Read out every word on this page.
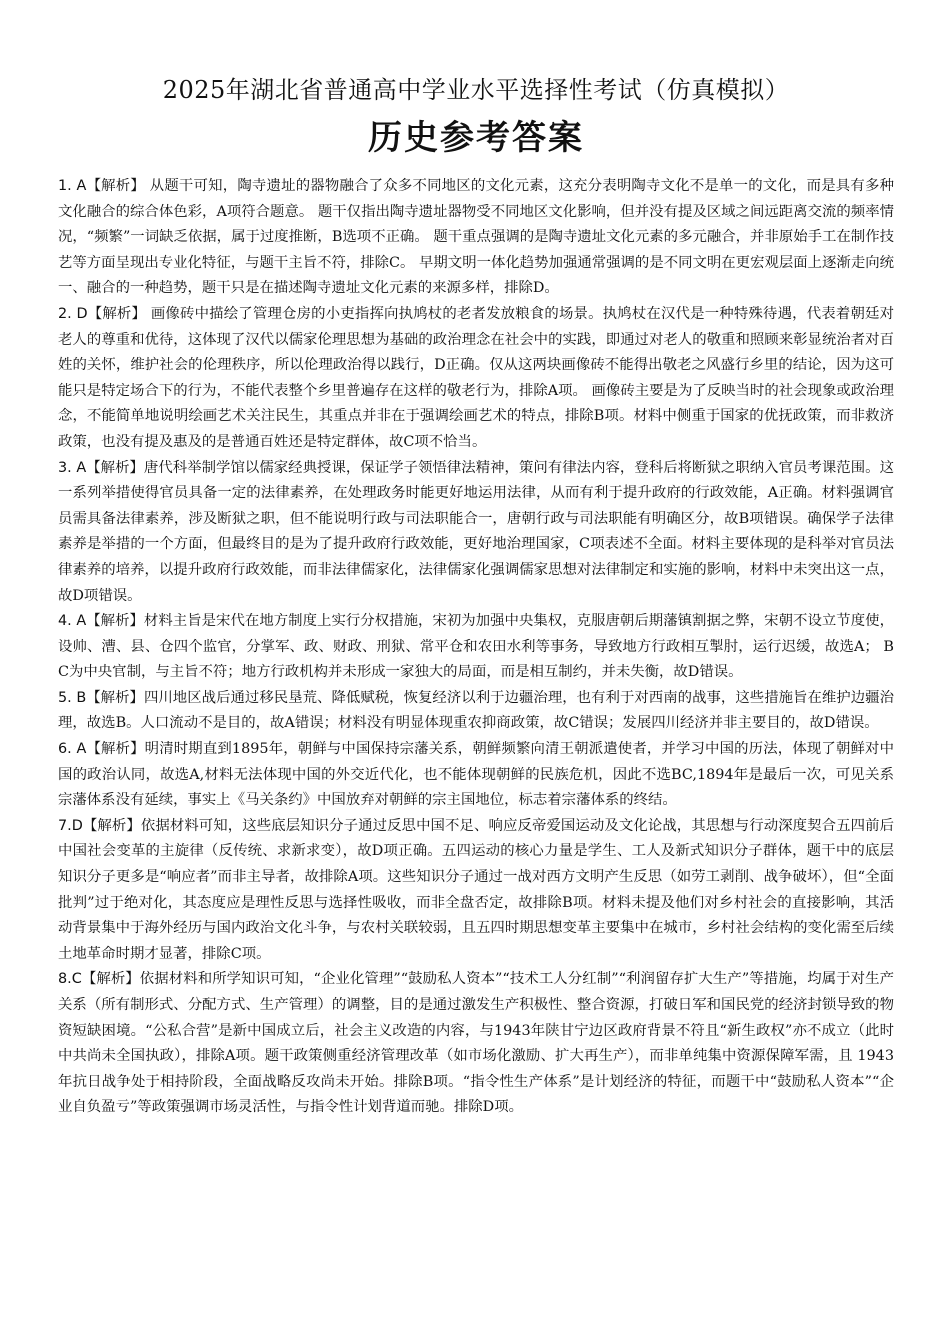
2025年湖北省普通高中学业水平选择性考试（仿真模拟）
历史参考答案

1. A【解析】 从题干可知，陶寺遗址的器物融合了众多不同地区的文化元素，这充分表明陶寺文化不是单一的文化，而是具有多种文化融合的综合体色彩，A项符合题意。 题干仅指出陶寺遗址器物受不同地区文化影响，但并没有提及区域之间远距离交流的频率情况，“频繁”一词缺乏依据，属于过度推断，B选项不正确。 题干重点强调的是陶寺遗址文化元素的多元融合，并非原始手工在制作技艺等方面呈现出专业化特征，与题干主旨不符，排除C。 早期文明一体化趋势加强通常强调的是不同文明在更宏观层面上逐渐走向统一、融合的一种趋势，题干只是在描述陶寺遗址文化元素的来源多样，排除D。

2. D【解析】 画像砖中描绘了管理仓房的小吏指挥向执鸠杖的老者发放粮食的场景。执鸠杖在汉代是一种特殊待遇，代表着朝廷对老人的尊重和优待，这体现了汉代以儒家伦理思想为基础的政治理念在社会中的实践，即通过对老人的敬重和照顾来彰显统治者对百姓的关怀，维护社会的伦理秩序，所以伦理政治得以践行，D正确。仅从这两块画像砖不能得出敬老之风盛行乡里的结论，因为这可能只是特定场合下的行为，不能代表整个乡里普遍存在这样的敬老行为，排除A项。 画像砖主要是为了反映当时的社会现象或政治理念，不能简单地说明绘画艺术关注民生，其重点并非在于强调绘画艺术的特点，排除B项。材料中侧重于国家的优抚政策，而非救济政策，也没有提及惠及的是普通百姓还是特定群体，故C项不恰当。

3. A【解析】唐代科举制学馆以儒家经典授课，保证学子领悟律法精神，策问有律法内容，登科后将断狱之职纳入官员考课范围。这一系列举措使得官员具备一定的法律素养，在处理政务时能更好地运用法律，从而有利于提升政府的行政效能，A正确。材料强调官员需具备法律素养，涉及断狱之职，但不能说明行政与司法职能合一，唐朝行政与司法职能有明确区分，故B项错误。确保学子法律素养是举措的一个方面，但最终目的是为了提升政府行政效能，更好地治理国家，C项表述不全面。材料主要体现的是科举对官员法律素养的培养，以提升政府行政效能，而非法律儒家化，法律儒家化强调儒家思想对法律制定和实施的影响，材料中未突出这一点，故D项错误。

4. A【解析】材料主旨是宋代在地方制度上实行分权措施，宋初为加强中央集权，克服唐朝后期藩镇割据之弊，宋朝不设立节度使，设帅、漕、县、仓四个监官，分掌军、政、财政、刑狱、常平仓和农田水利等事务，导致地方行政相互掣肘，运行迟缓，故选A； BC为中央官制，与主旨不符；地方行政机构并未形成一家独大的局面，而是相互制约，并未失衡，故D错误。

5. B【解析】四川地区战后通过移民垦荒、降低赋税，恢复经济以利于边疆治理，也有利于对西南的战事，这些措施旨在维护边疆治理，故选B。人口流动不是目的，故A错误；材料没有明显体现重农抑商政策，故C错误；发展四川经济并非主要目的，故D错误。

6. A【解析】明清时期直到1895年，朝鲜与中国保持宗藩关系，朝鲜频繁向清王朝派遣使者，并学习中国的历法，体现了朝鲜对中国的政治认同，故选A,材料无法体现中国的外交近代化，也不能体现朝鲜的民族危机，因此不选BC,1894年是最后一次，可见关系宗藩体系没有延续，事实上《马关条约》中国放弃对朝鲜的宗主国地位，标志着宗藩体系的终结。

7.D【解析】依据材料可知，这些底层知识分子通过反思中国不足、响应反帝爱国运动及文化论战，其思想与行动深度契合五四前后中国社会变革的主旋律（反传统、求新求变），故D项正确。五四运动的核心力量是学生、工人及新式知识分子群体，题干中的底层知识分子更多是“响应者”而非主导者，故排除A项。这些知识分子通过一战对西方文明产生反思（如劳工剥削、战争破坏），但“全面批判”过于绝对化，其态度应是理性反思与选择性吸收，而非全盘否定，故排除B项。材料未提及他们对乡村社会的直接影响，其活动背景集中于海外经历与国内政治文化斗争，与农村关联较弱，且五四时期思想变革主要集中在城市，乡村社会结构的变化需至后续土地革命时期才显著，排除C项。

8.C【解析】依据材料和所学知识可知，“企业化管理”“鼓励私人资本”“技术工人分红制”“利润留存扩大生产”等措施，均属于对生产关系（所有制形式、分配方式、生产管理）的调整，目的是通过激发生产积极性、整合资源，打破日军和国民党的经济封锁导致的物资短缺困境。“公私合营”是新中国成立后，社会主义改造的内容，与1943年陕甘宁边区政府背景不符且“新生政权”亦不成立（此时中共尚未全国执政），排除A项。题干政策侧重经济管理改革（如市场化激励、扩大再生产），而非单纯集中资源保障军需，且 1943年抗日战争处于相持阶段，全面战略反攻尚未开始。排除B项。“指令性生产体系”是计划经济的特征，而题干中“鼓励私人资本”“企业自负盈亏”等政策强调市场灵活性，与指令性计划背道而驰。排除D项。
